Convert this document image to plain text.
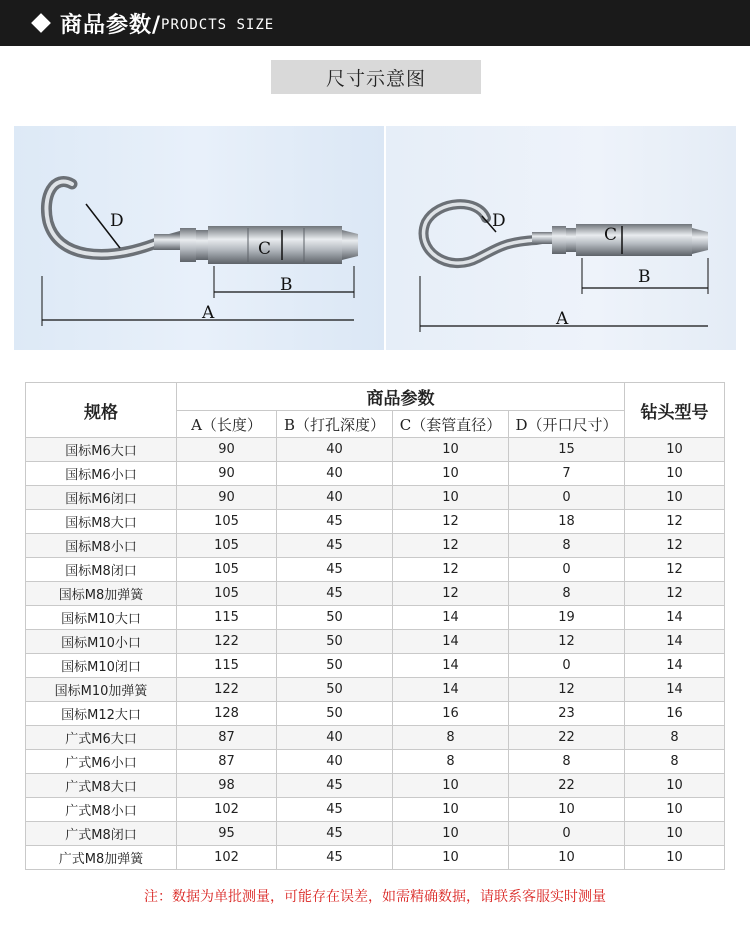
商品参数/ PRODCTS SIZE
尺寸示意图
D
C
B
A
D
C
B
A
规格	商品参数				钻头型号
	A（长度）	B（打孔深度）	C（套管直径）	D（开口尺寸）	
国标M6大口	90	40	10	15	10
国标M6小口	90	40	10	7	10
国标M6闭口	90	40	10	0	10
国标M8大口	105	45	12	18	12
国标M8小口	105	45	12	8	12
国标M8闭口	105	45	12	0	12
国标M8加弹簧	105	45	12	8	12
国标M10大口	115	50	14	19	14
国标M10小口	122	50	14	12	14
国标M10闭口	115	50	14	0	14
国标M10加弹簧	122	50	14	12	14
国标M12大口	128	50	16	23	16
广式M6大口	87	40	8	22	8
广式M6小口	87	40	8	8	8
广式M8大口	98	45	10	22	10
广式M8小口	102	45	10	10	10
广式M8闭口	95	45	10	0	10
广式M8加弹簧	102	45	10	10	10
注：数据为单批测量，可能存在误差，如需精确数据，请联系客服实时测量
